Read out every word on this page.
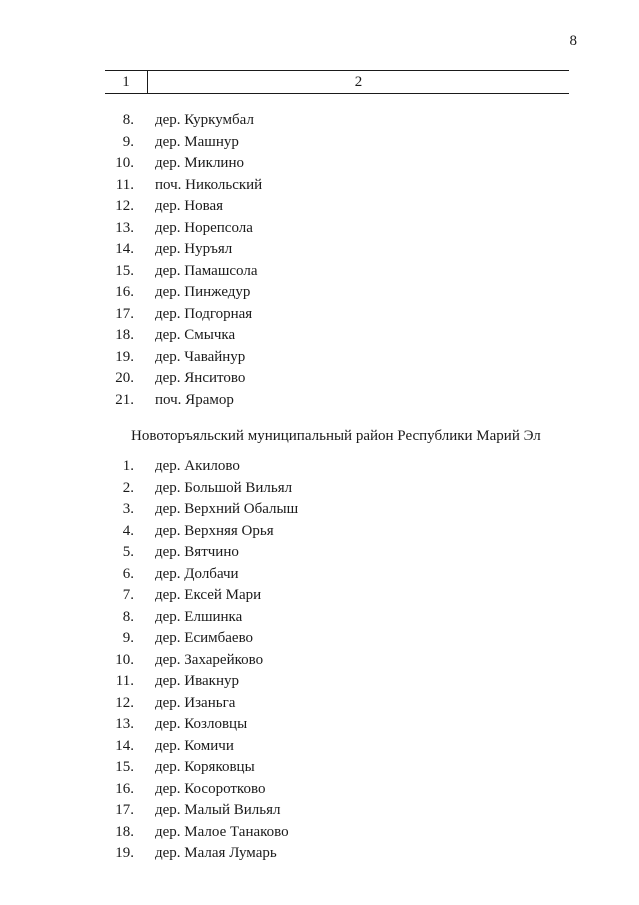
8
1	2
8. дер. Куркумбал
9. дер. Машнур
10. дер. Миклино
11. поч. Никольский
12. дер. Новая
13. дер. Норепсола
14. дер. Нуръял
15. дер. Памашсола
16. дер. Пинжедур
17. дер. Подгорная
18. дер. Смычка
19. дер. Чавайнур
20. дер. Янситово
21. поч. Ярамор
Новоторъяльский муниципальный район Республики Марий Эл
1. дер. Акилово
2. дер. Большой Вильял
3. дер. Верхний Обалыш
4. дер. Верхняя Орья
5. дер. Вятчино
6. дер. Долбачи
7. дер. Ексей Мари
8. дер. Елшинка
9. дер. Есимбаево
10. дер. Захарейково
11. дер. Ивакнур
12. дер. Изаньга
13. дер. Козловцы
14. дер. Комичи
15. дер. Коряковцы
16. дер. Косоротково
17. дер. Малый Вильял
18. дер. Малое Танаково
19. дер. Малая Лумарь
